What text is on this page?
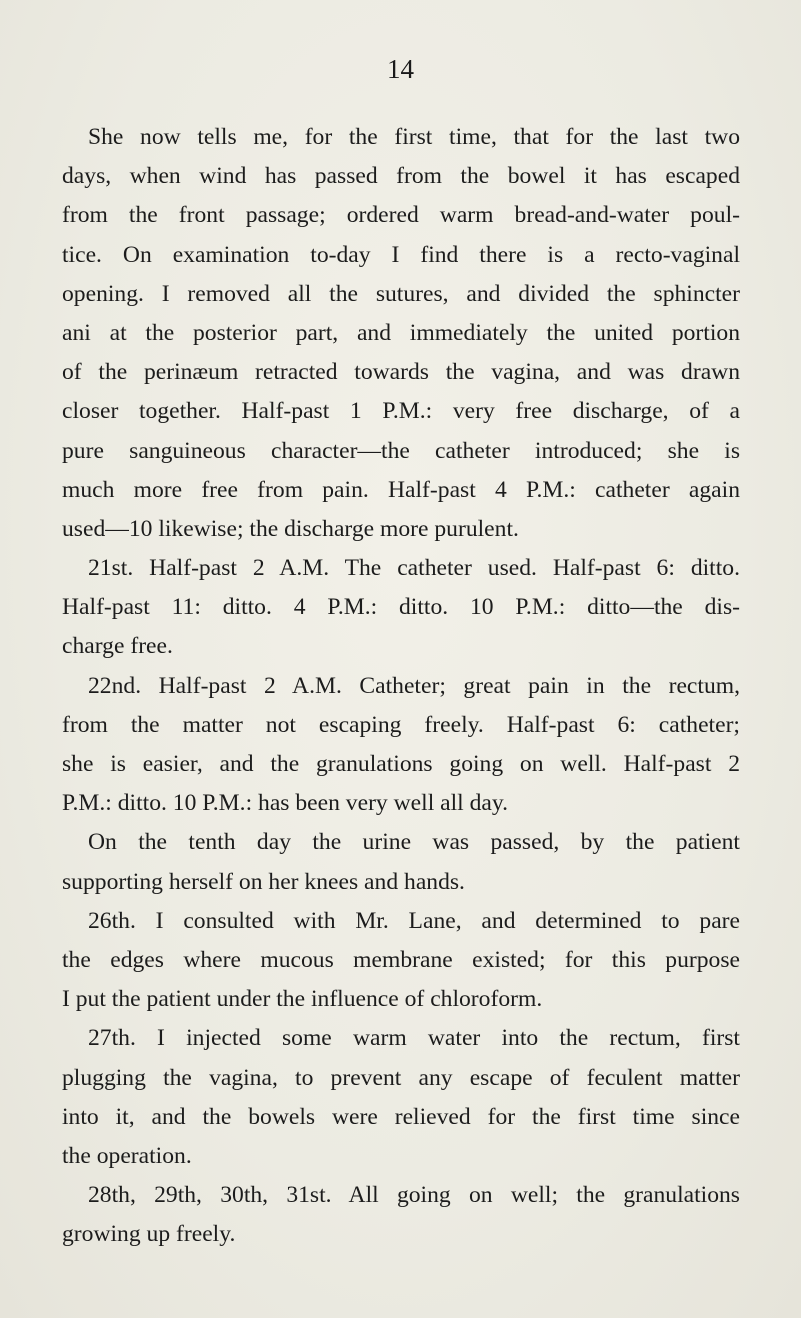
14
She now tells me, for the first time, that for the last two
days, when wind has passed from the bowel it has escaped
from the front passage; ordered warm bread-and-water poul-
tice. On examination to-day I find there is a recto-vaginal
opening. I removed all the sutures, and divided the sphincter
ani at the posterior part, and immediately the united portion
of the perinæum retracted towards the vagina, and was drawn
closer together. Half-past 1 P.M.: very free discharge, of a
pure sanguineous character—the catheter introduced; she is
much more free from pain. Half-past 4 P.M.: catheter again
used—10 likewise; the discharge more purulent.
21st. Half-past 2 A.M. The catheter used. Half-past 6: ditto.
Half-past 11: ditto. 4 P.M.: ditto. 10 P.M.: ditto—the dis-
charge free.
22nd. Half-past 2 A.M. Catheter; great pain in the rectum,
from the matter not escaping freely. Half-past 6: catheter;
she is easier, and the granulations going on well. Half-past 2
P.M.: ditto. 10 P.M.: has been very well all day.
On the tenth day the urine was passed, by the patient
supporting herself on her knees and hands.
26th. I consulted with Mr. Lane, and determined to pare
the edges where mucous membrane existed; for this purpose
I put the patient under the influence of chloroform.
27th. I injected some warm water into the rectum, first
plugging the vagina, to prevent any escape of feculent matter
into it, and the bowels were relieved for the first time since
the operation.
28th, 29th, 30th, 31st. All going on well; the granulations
growing up freely.
